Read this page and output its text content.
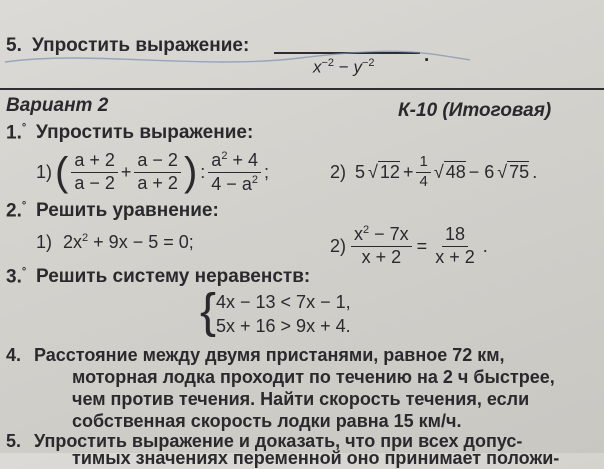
5. Упростить выражение:
$x^{-2} - y^{-2}$	.
Вариант 2	К-10 (Итоговая)
1.° Упростить выражение:
1) ( $\frac{a + 2}{a - 2} + \frac{a - 2}{a + 2}$ ) : $\frac{a^2 + 4}{4 - a^2}$ ;	2) 5 √ $12 + \frac{1}{4}$ √ 48 − 6 √ 75 .
2.° Решить уравнение:
1) $2x^2 + 9x - 5 = 0$;	$2) \frac{x^2 - 7x}{x + 2} = \frac{18}{x + 2}$ .
3.° Решить систему неравенств:
{ 4x − 13 < 7x − 1,
5x + 16 > 9x + 4.
4. Расстояние между двумя пристанями, равное 72 км,
моторная лодка проходит по течению на 2 ч быстрее,
чем против течения. Найти скорость течения, если
собственная скорость лодки равна 15 км/ч.
5. Упростить выражение и доказать, что при всех допус-
тимых значениях переменной оно принимает положи-
